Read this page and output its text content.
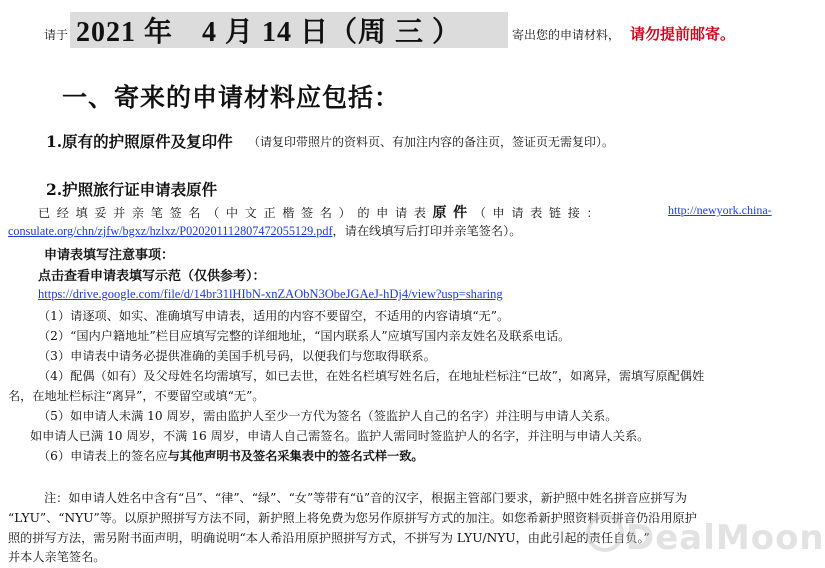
请于 2021 年　4 月 14 日（周 三 ）	寄出您的申请材料， 请勿提前邮寄。
一、寄来的申请材料应包括：
1.原有的护照原件及复印件 （请复印带照片的资料页、有加注内容的备注页，签证页无需复印）。
2.护照旅行证申请表原件
已经填妥并亲笔签名（中文正楷签名）的申请表原件（申请表链接：	http://newyork.china-
consulate.org/chn/zjfw/bgxz/hzlxz/P020201112807472055129.pdf，请在线填写后打印并亲笔签名）。
申请表填写注意事项：
点击查看申请表填写示范（仅供参考）：
https://drive.google.com/file/d/14br31lHIbN-xnZAObN3ObeJGAeJ-hDj4/view?usp=sharing
（1）请逐项、如实、准确填写申请表，适用的内容不要留空，不适用的内容请填“无”。
（2）“国内户籍地址”栏目应填写完整的详细地址，“国内联系人”应填写国内亲友姓名及联系电话。
（3）申请表中请务必提供准确的美国手机号码，以便我们与您取得联系。
（4）配偶（如有）及父母姓名均需填写，如已去世，在姓名栏填写姓名后，在地址栏标注“已故”，如离异，需填写原配偶姓
名，在地址栏标注“离异”，不要留空或填“无”。
（5）如申请人未满 10 周岁，需由监护人至少一方代为签名（签监护人自己的名字）并注明与申请人关系。
如申请人已满 10 周岁，不满 16 周岁，申请人自己需签名。监护人需同时签监护人的名字，并注明与申请人关系。
（6）申请表上的签名应与其他声明书及签名采集表中的签名式样一致。
注：如申请人姓名中含有“吕”、“律”、“绿”、“女”等带有“ü”音的汉字，根据主管部门要求，新护照中姓名拼音应拼写为
“LYU”、“NYU”等。以原护照拼写方法不同，新护照上将免费为您另作原拼写方式的加注。如您希新护照资料页拼音仍沿用原护
照的拼写方法，需另附书面声明，明确说明“本人希沿用原护照拼写方式，不拼写为 LYU/NYU，由此引起的责任自负。”
并本人亲笔签名。	DealMoon
